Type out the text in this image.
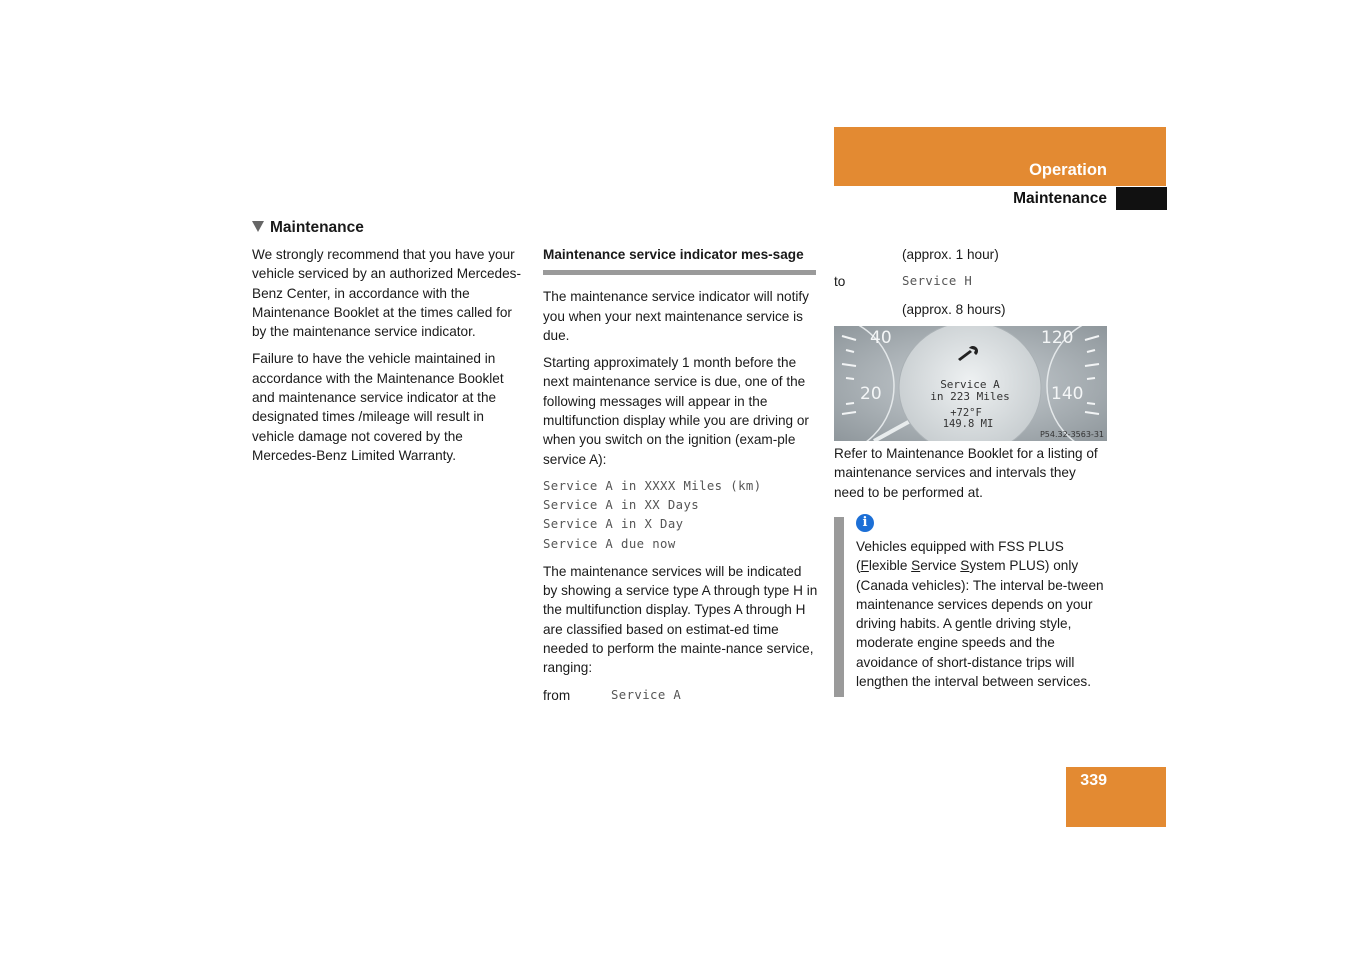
Operation
Maintenance
Maintenance

We strongly recommend that you have your vehicle serviced by an authorized Mercedes-Benz Center, in accordance with the Maintenance Booklet at the times called for by the maintenance service indicator.

Failure to have the vehicle maintained in accordance with the Maintenance Booklet and maintenance service indicator at the designated times /mileage will result in vehicle damage not covered by the Mercedes-Benz Limited Warranty.

Maintenance service indicator mes-sage

The maintenance service indicator will notify you when your next maintenance service is due.

Starting approximately 1 month before the next maintenance service is due, one of the following messages will appear in the multifunction display while you are driving or when you switch on the ignition (exam-ple service A):

Service A in XXXX Miles (km)
Service A in XX Days
Service A in X Day
Service A due now

The maintenance services will be indicated by showing a service type A through type H in the multifunction display. Types A through H are classified based on estimat-ed time needed to perform the mainte-nance service, ranging:

from	Service A
(approx. 1 hour)
to	Service H
(approx. 8 hours)
40
20
120
140
Service A
in 223 Miles
+72°F
149.8 MI
P54.32-3563-31

Refer to Maintenance Booklet for a listing of maintenance services and intervals they need to be performed at.

i

Vehicles equipped with FSS PLUS (Flexible Service System PLUS) only (Canada vehicles): The interval be-tween maintenance services depends on your driving habits. A gentle driving style, moderate engine speeds and the avoidance of short-distance trips will lengthen the interval between services.

339
